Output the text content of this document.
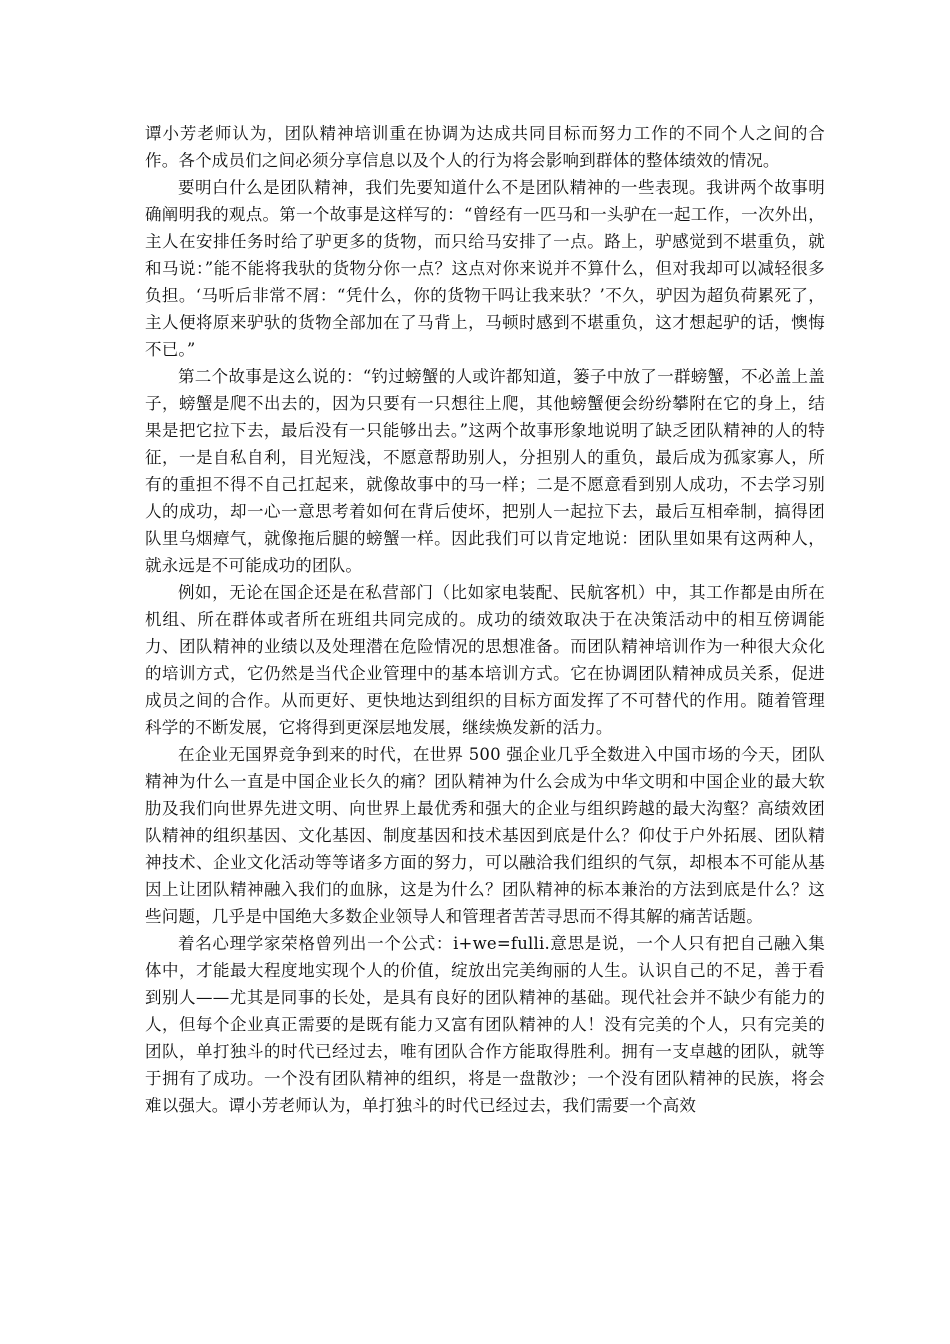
谭小芳老师认为，团队精神培训重在协调为达成共同目标而努力工作的不同个人之间的合作。各个成员们之间必须分享信息以及个人的行为将会影响到群体的整体绩效的情况。

要明白什么是团队精神，我们先要知道什么不是团队精神的一些表现。我讲两个故事明确阐明我的观点。第一个故事是这样写的：“曾经有一匹马和一头驴在一起工作，一次外出，主人在安排任务时给了驴更多的货物，而只给马安排了一点。路上，驴感觉到不堪重负，就和马说：”能不能将我驮的货物分你一点？这点对你来说并不算什么，但对我却可以减轻很多负担。‘马听后非常不屑：“凭什么，你的货物干吗让我来驮？’不久，驴因为超负荷累死了，主人便将原来驴驮的货物全部加在了马背上，马顿时感到不堪重负，这才想起驴的话，懊悔不已。”

第二个故事是这么说的：“钓过螃蟹的人或许都知道，篓子中放了一群螃蟹，不必盖上盖子，螃蟹是爬不出去的，因为只要有一只想往上爬，其他螃蟹便会纷纷攀附在它的身上，结果是把它拉下去，最后没有一只能够出去。”这两个故事形象地说明了缺乏团队精神的人的特征，一是自私自利，目光短浅，不愿意帮助别人，分担别人的重负，最后成为孤家寡人，所有的重担不得不自己扛起来，就像故事中的马一样；二是不愿意看到别人成功，不去学习别人的成功，却一心一意思考着如何在背后使坏，把别人一起拉下去，最后互相牵制，搞得团队里乌烟瘴气，就像拖后腿的螃蟹一样。因此我们可以肯定地说：团队里如果有这两种人，就永远是不可能成功的团队。

例如，无论在国企还是在私营部门（比如家电装配、民航客机）中，其工作都是由所在机组、所在群体或者所在班组共同完成的。成功的绩效取决于在决策活动中的相互傍调能力、团队精神的业绩以及处理潜在危险情况的思想准备。而团队精神培训作为一种很大众化的培训方式，它仍然是当代企业管理中的基本培训方式。它在协调团队精神成员关系，促进成员之间的合作。从而更好、更快地达到组织的目标方面发挥了不可替代的作用。随着管理科学的不断发展，它将得到更深层地发展，继续焕发新的活力。

在企业无国界竞争到来的时代，在世界 500 强企业几乎全数进入中国市场的今天，团队精神为什么一直是中国企业长久的痛？团队精神为什么会成为中华文明和中国企业的最大软肋及我们向世界先进文明、向世界上最优秀和强大的企业与组织跨越的最大沟壑？高绩效团队精神的组织基因、文化基因、制度基因和技术基因到底是什么？仰仗于户外拓展、团队精神技术、企业文化活动等等诸多方面的努力，可以融洽我们组织的气氛，却根本不可能从基因上让团队精神融入我们的血脉，这是为什么？团队精神的标本兼治的方法到底是什么？这些问题，几乎是中国绝大多数企业领导人和管理者苦苦寻思而不得其解的痛苦话题。

着名心理学家荣格曾列出一个公式：i+we=fulli.意思是说，一个人只有把自己融入集体中，才能最大程度地实现个人的价值，绽放出完美绚丽的人生。认识自己的不足，善于看到别人——尤其是同事的长处，是具有良好的团队精神的基础。现代社会并不缺少有能力的人，但每个企业真正需要的是既有能力又富有团队精神的人！没有完美的个人，只有完美的团队，单打独斗的时代已经过去，唯有团队合作方能取得胜利。拥有一支卓越的团队，就等于拥有了成功。一个没有团队精神的组织，将是一盘散沙；一个没有团队精神的民族，将会难以强大。谭小芳老师认为，单打独斗的时代已经过去，我们需要一个高效
